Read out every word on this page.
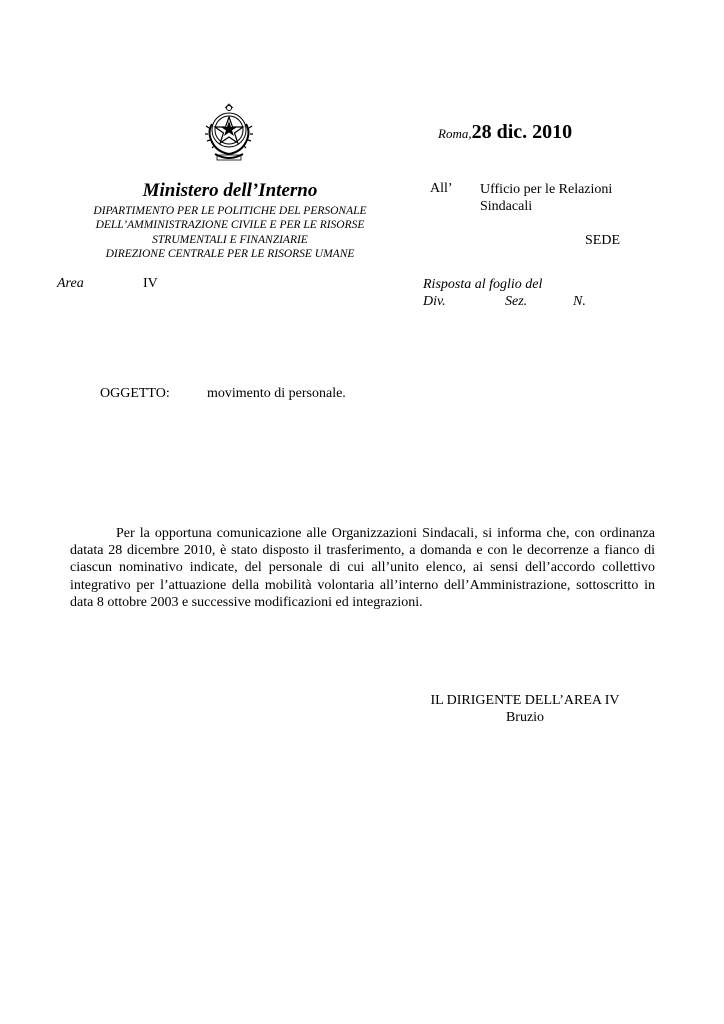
Ministero dell’Interno
DIPARTIMENTO PER LE POLITICHE DEL PERSONALE
DELL’AMMINISTRAZIONE CIVILE E PER LE RISORSE
STRUMENTALI E FINANZIARIE
DIREZIONE CENTRALE PER LE RISORSE UMANE
Roma,28 dic. 2010
All’ Ufficio per le Relazioni
Sindacali
SEDE
Area	IV	Risposta al foglio del
Div.	Sez.	N.
OGGETTO:	movimento di personale.
Per la opportuna comunicazione alle Organizzazioni Sindacali, si informa che, con ordinanza datata 28 dicembre 2010, è stato disposto il trasferimento, a domanda e con le decorrenze a fianco di ciascun nominativo indicate, del personale di cui all’unito elenco, ai sensi dell’accordo collettivo integrativo per l’attuazione della mobilità volontaria all’interno dell’Amministrazione, sottoscritto in data 8 ottobre 2003 e successive modificazioni ed integrazioni.
IL DIRIGENTE DELL’AREA IV
Bruzio
